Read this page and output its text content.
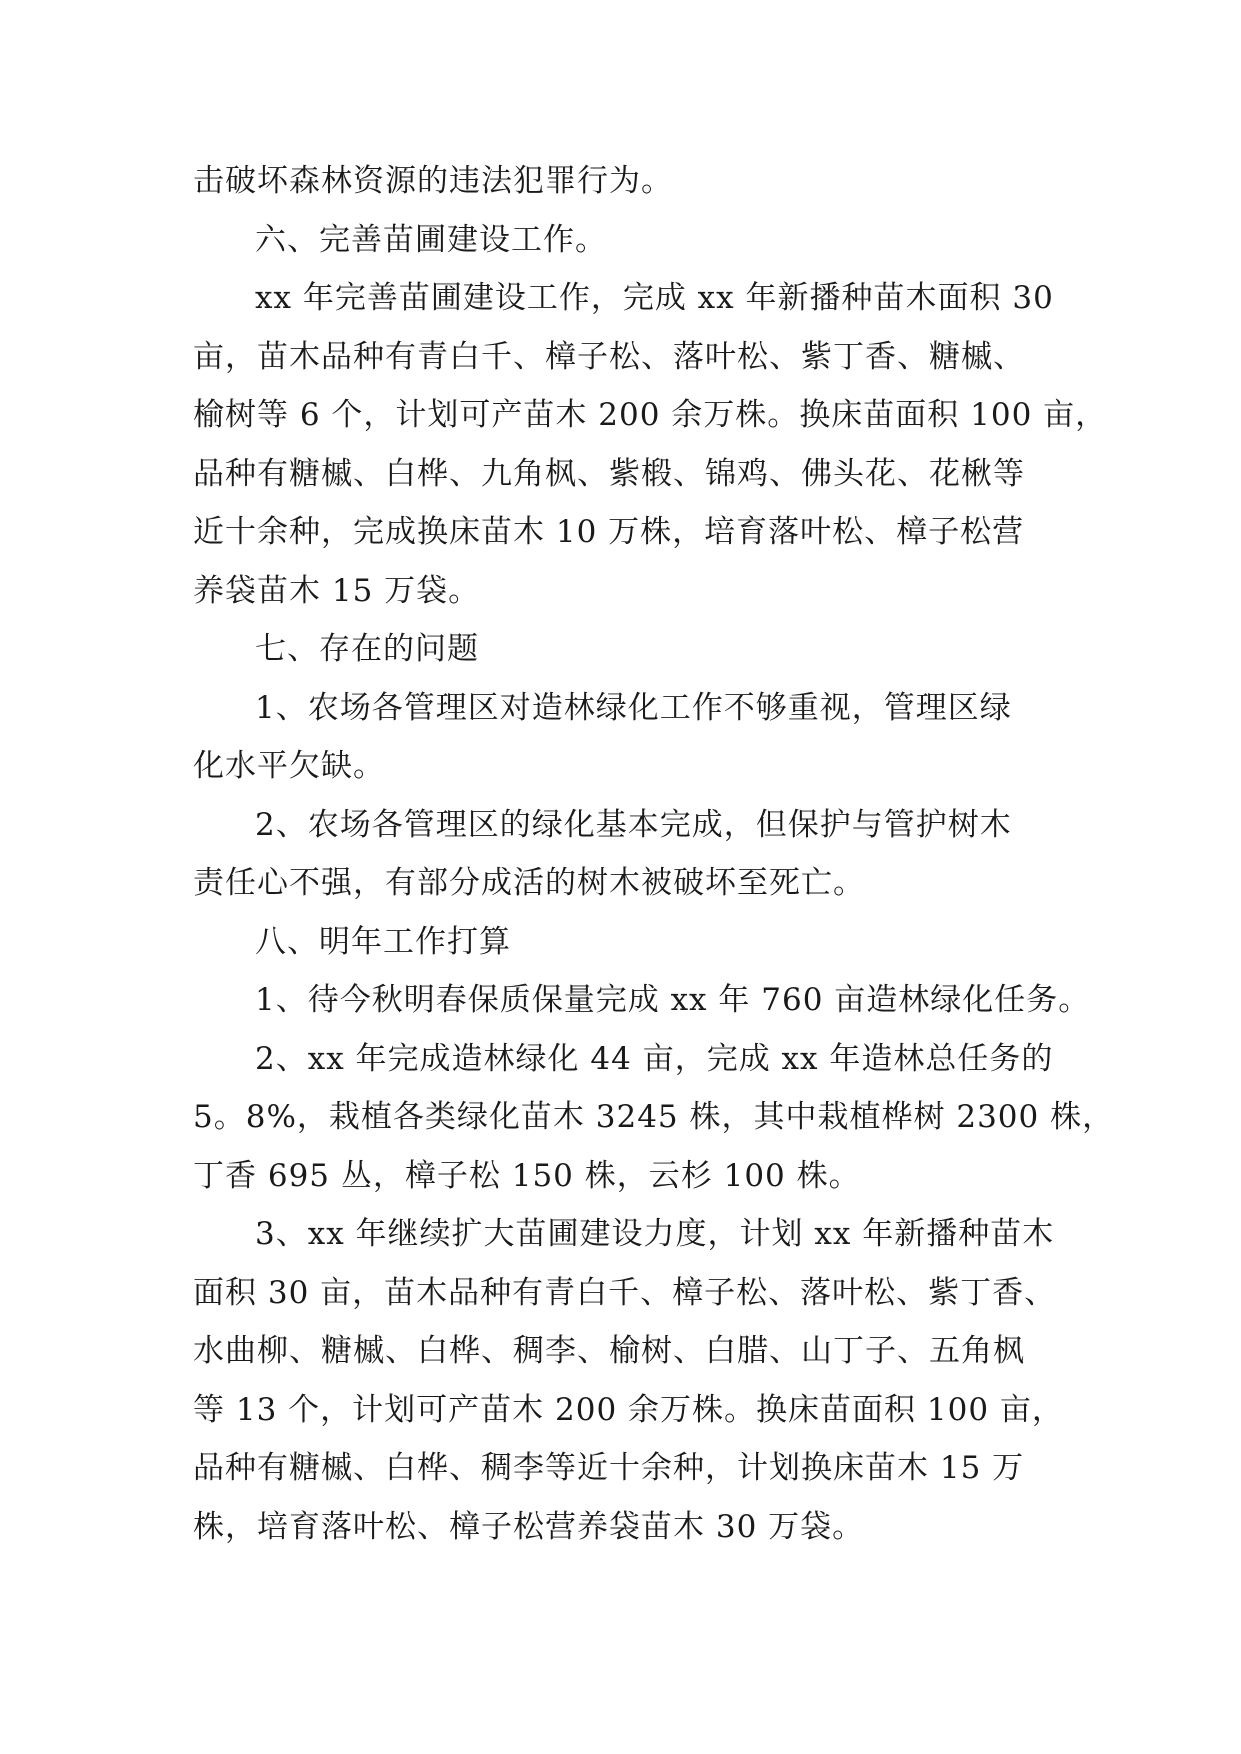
击破坏森林资源的违法犯罪行为。
六、完善苗圃建设工作。
xx 年完善苗圃建设工作，完成 xx 年新播种苗木面积 30
亩，苗木品种有青白千、樟子松、落叶松、紫丁香、糖槭、
榆树等 6 个，计划可产苗木 200 余万株。换床苗面积 100 亩，
品种有糖槭、白桦、九角枫、紫椴、锦鸡、佛头花、花楸等
近十余种，完成换床苗木 10 万株，培育落叶松、樟子松营
养袋苗木 15 万袋。
七、存在的问题
1、农场各管理区对造林绿化工作不够重视，管理区绿
化水平欠缺。
2、农场各管理区的绿化基本完成，但保护与管护树木
责任心不强，有部分成活的树木被破坏至死亡。
八、明年工作打算
1、待今秋明春保质保量完成 xx 年 760 亩造林绿化任务。
2、xx 年完成造林绿化 44 亩，完成 xx 年造林总任务的
5。8%，栽植各类绿化苗木 3245 株，其中栽植桦树 2300 株，
丁香 695 丛，樟子松 150 株，云杉 100 株。
3、xx 年继续扩大苗圃建设力度，计划 xx 年新播种苗木
面积 30 亩，苗木品种有青白千、樟子松、落叶松、紫丁香、
水曲柳、糖槭、白桦、稠李、榆树、白腊、山丁子、五角枫
等 13 个，计划可产苗木 200 余万株。换床苗面积 100 亩，
品种有糖槭、白桦、稠李等近十余种，计划换床苗木 15 万
株，培育落叶松、樟子松营养袋苗木 30 万袋。
